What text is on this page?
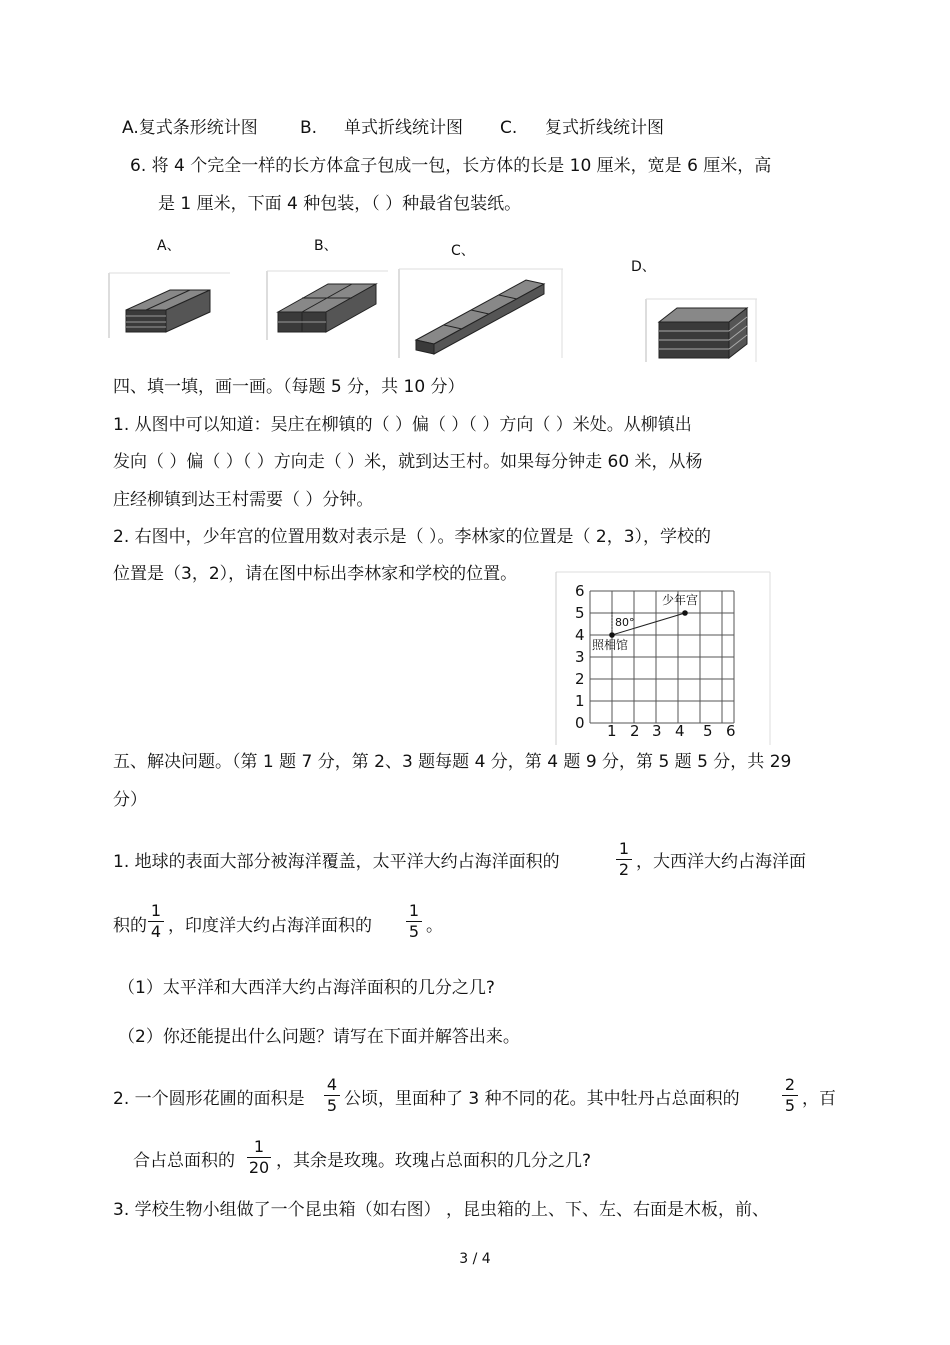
A.复式条形统计图 B. 单式折线统计图 C. 复式折线统计图
6. 将 4 个完全一样的长方体盒子包成一包，长方体的长是 10 厘米，宽是 6 厘米，高
是 1 厘米，下面 4 种包装，（ ）种最省包装纸。
A、	B、	C、
D、
四、填一填，画一画。（每题 5 分，共 10 分）
1. 从图中可以知道：吴庄在柳镇的（ ）偏（ ）（ ）方向（ ）米处。从柳镇出
发向（ ）偏（ ）（ ）方向走（ ）米，就到达王村。如果每分钟走 60 米，从杨
庄经柳镇到达王村需要（ ）分钟。
2. 右图中，少年宫的位置用数对表示是（ ）。李林家的位置是（ 2，3），学校的
位置是（3，2），请在图中标出李林家和学校的位置。
0
1
2
3
4
5
6
1 2 3 4 5 6
80°
少年宫
照相馆
五、解决问题。（第 1 题 7 分，第 2、3 题每题 4 分，第 4 题 9 分，第 5 题 5 分，共 29
分）
1. 地球的表面大部分被海洋覆盖，太平洋大约占海洋面积的
1
2 ，大西洋大约占海洋面
积的
1
4 ，印度洋大约占海洋面积的
1
5 。
（1）太平洋和大西洋大约占海洋面积的几分之几?
（2）你还能提出什么问题？请写在下面并解答出来。
2. 一个圆形花圃的面积是
4
5 公顷，里面种了 3 种不同的花。其中牡丹占总面积的
2
5 ，百
合占总面积的
1
20 ，其余是玫瑰。玫瑰占总面积的几分之几?
3. 学校生物小组做了一个昆虫箱（如右图） ，昆虫箱的上、下、左、右面是木板，前、
3 / 4
